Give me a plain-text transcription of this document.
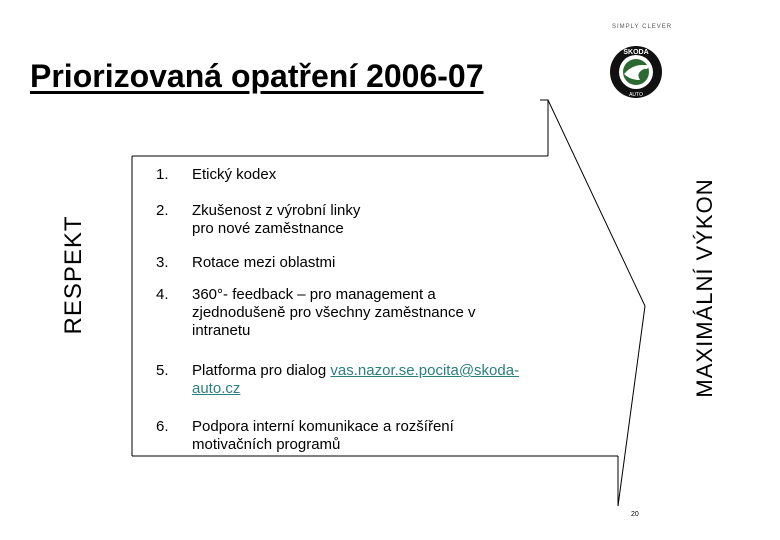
SIMPLY CLEVER
Priorizovaná opatření 2006-07
ŠKODA
AUTO
RESPEKT	MAXIMÁLNÍ VÝKON
1. Etický kodex
2. Zkušenost z výrobní linky
pro nové zaměstnance
3. Rotace mezi oblastmi
4. 360°- feedback – pro management a
zjednodušeně pro všechny zaměstnance v
intranetu
5. Platforma pro dialog vas.nazor.se.pocita@skoda-
auto.cz
6. Podpora interní komunikace a rozšíření
motivačních programů
20
